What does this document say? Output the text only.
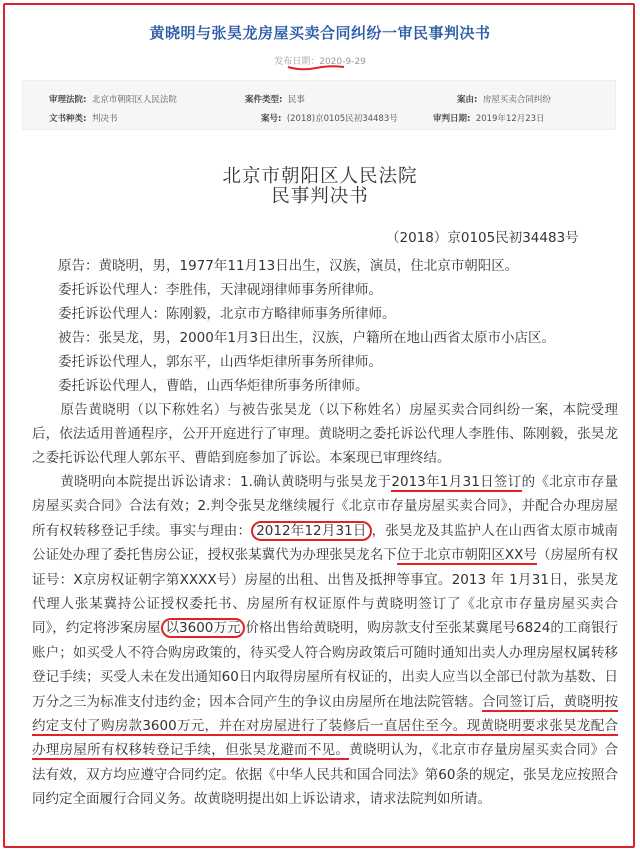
黄晓明与张昊龙房屋买卖合同纠纷一审民事判决书
发布日期：2020-9-29
审理法院: 北京市朝阳区人民法院	案件类型: 民事	案由: 房屋买卖合同纠纷
文书种类: 判决书	案号: (2018)京0105民初34483号	审判日期: 2019年12月23日
北京市朝阳区人民法院
民事判决书
（2018）京0105民初34483号
原告：黄晓明，男，1977年11月13日出生，汉族，演员，住北京市朝阳区。
委托诉讼代理人：李胜伟，天津砚翊律师事务所律师。
委托诉讼代理人：陈刚毅，北京市方略律师事务所律师。
被告：张昊龙，男，2000年1月3日出生，汉族，户籍所在地山西省太原市小店区。
委托诉讼代理人，郭东平，山西华炬律所事务所律师。
委托诉讼代理人，曹皓，山西华炬律所事务所律师。
原告黄晓明（以下称姓名）与被告张昊龙（以下称姓名）房屋买卖合同纠纷一案，本院受理后，依法适用普通程序，公开开庭进行了审理。黄晓明之委托诉讼代理人李胜伟、陈刚毅，张昊龙之委托诉讼代理人郭东平、曹皓到庭参加了诉讼。本案现已审理终结。
黄晓明向本院提出诉讼请求：1.确认黄晓明与张昊龙于2013年1月31日签订的《北京市存量房屋买卖合同》合法有效；2.判令张昊龙继续履行《北京市存量房屋买卖合同》，并配合办理房屋所有权转移登记手续。事实与理由： 2012年12月31日 ，张昊龙及其监护人在山西省太原市城南公证处办理了委托售房公证，授权张某冀代为办理张昊龙名下位于北京市朝阳区XX号（房屋所有权证号：X京房权证朝字第XXXX号）房屋的出租、出售及抵押等事宜。2013 年 1月31日，张昊龙代理人张某冀持公证授权委托书、房屋所有权证原件与黄晓明签订了《北京市存量房屋买卖合同》，约定将涉案房屋 以3600万元 价格出售给黄晓明，购房款支付至张某冀尾号6824的工商银行账户；如买受人不符合购房政策的，待买受人符合购房政策后可随时通知出卖人办理房屋权属转移登记手续；买受人未在发出通知60日内取得房屋所有权证的，出卖人应当以全部已付款为基数、日万分之三为标准支付违约金；因本合同产生的争议由房屋所在地法院管辖。合同签订后，黄晓明按约定支付了购房款3600万元，并在对房屋进行了装修后一直居住至今。现黄晓明要求张昊龙配合办理房屋所有权移转登记手续，但张昊龙避而不见。黄晓明认为，《北京市存量房屋买卖合同》合法有效，双方均应遵守合同约定。依据《中华人民共和国合同法》第60条的规定，张昊龙应按照合同约定全面履行合同义务。故黄晓明提出如上诉讼请求，请求法院判如所请。
